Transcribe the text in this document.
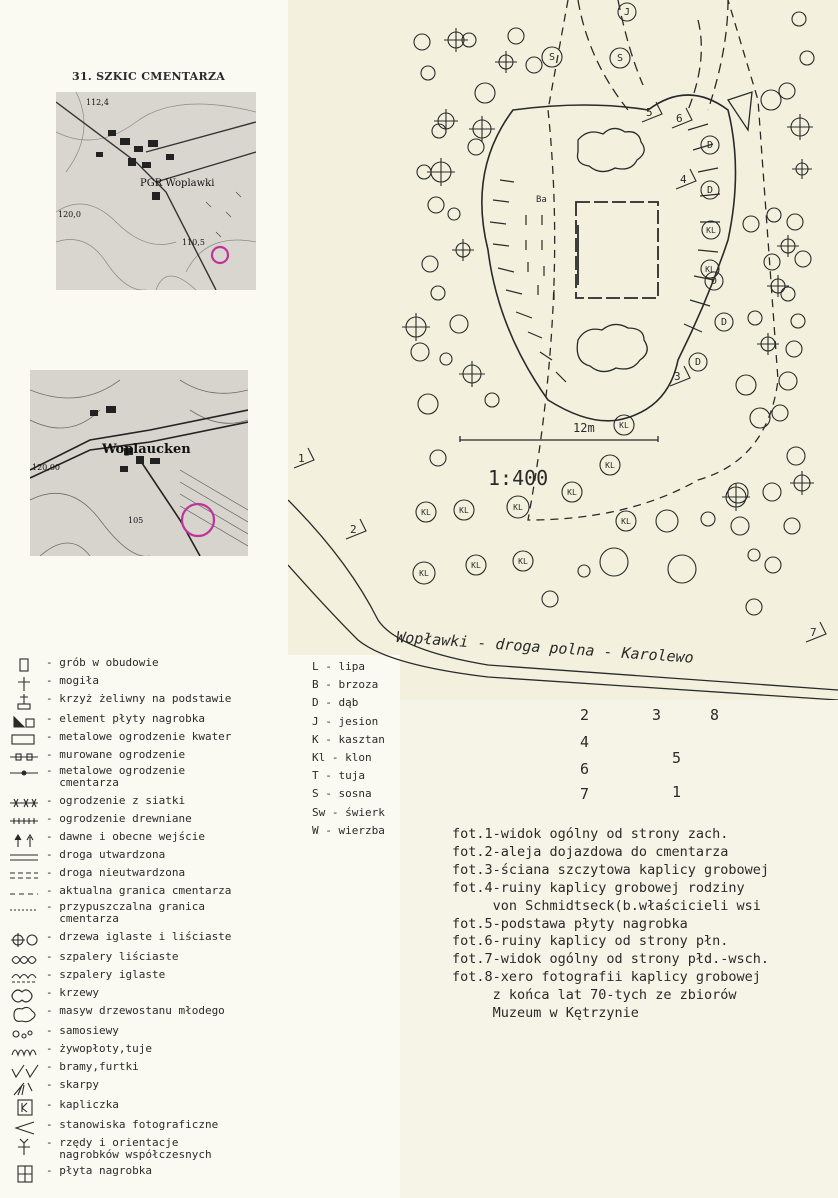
31. SZKIC CMENTARZA
112,4
PGR Woplawki
110,5
120,0
Woplaucken
120,00
105
J
S	S
D
D
KL
D
KL
D
D
KL
KL
KL
KL
KL
KL
KL
KL
KL	KL
1
2
3
4
5 6
7
12m
1:400
Ba
Wopławki - droga polna - Karolewo
- grób w obudowie
- mogiła
- krzyż żeliwny na podstawie
- element płyty nagrobka
- metalowe ogrodzenie kwater
- murowane ogrodzenie
- metalowe ogrodzenie
cmentarza
- ogrodzenie z siatki
- ogrodzenie drewniane
- dawne i obecne wejście
- droga utwardzona
- droga nieutwardzona
- aktualna granica cmentarza
- przypuszczalna granica
cmentarza
- drzewa iglaste i liściaste
- szpalery liściaste
- szpalery iglaste
- krzewy
- masyw drzewostanu młodego
- samosiewy
- żywopłoty,tuje
- bramy,furtki
- skarpy
- kapliczka
- stanowiska fotograficzne
- rzędy i orientacje
nagrobków współczesnych
- płyta nagrobka
L - lipa
B - brzoza
D - dąb
J - jesion
K - kasztan
Kl - klon
T - tuja
S - sosna
Sw - świerk
W - wierzba
2	3	8
4
5
6
7	1
fot.1-widok ogólny od strony zach.
fot.2-aleja dojazdowa do cmentarza
fot.3-ściana szczytowa kaplicy grobowej
fot.4-ruiny kaplicy grobowej rodziny
von Schmidtseck(b.właścicieli wsi
fot.5-podstawa płyty nagrobka
fot.6-ruiny kaplicy od strony płn.
fot.7-widok ogólny od strony płd.-wsch.
fot.8-xero fotografii kaplicy grobowej
z końca lat 70-tych ze zbiorów
Muzeum w Kętrzynie
